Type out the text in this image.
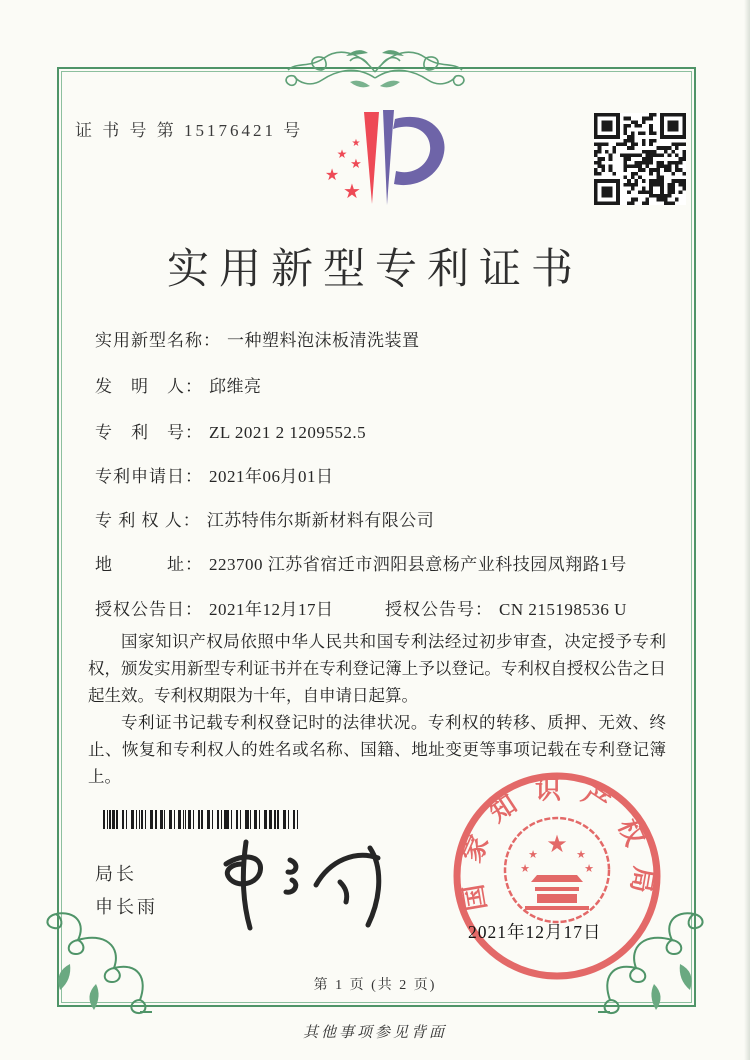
证 书 号 第 15176421 号
★
★
★
★
★
实用新型专利证书
实用新型名称： 一种塑料泡沫板清洗装置
发　明　人： 邱维亮
专　利　号： ZL 2021 2 1209552.5
专利申请日： 2021年06月01日
专 利 权 人： 江苏特伟尔斯新材料有限公司
地　　　址： 223700 江苏省宿迁市泗阳县意杨产业科技园凤翔路1号
授权公告日： 2021年12月17日	授权公告号： CN 215198536 U

国家知识产权局依照中华人民共和国专利法经过初步审查，决定授予专利权，颁发实用新型专利证书并在专利登记簿上予以登记。专利权自授权公告之日起生效。专利权期限为十年，自申请日起算。

专利证书记载专利权登记时的法律状况。专利权的转移、质押、无效、终止、恢复和专利权人的姓名或名称、国籍、地址变更等事项记载在专利登记簿上。

局长
申长雨	国家知识产权局
★
★	★
★	★
2021年12月17日
第 1 页 (共 2 页)
其他事项参见背面
